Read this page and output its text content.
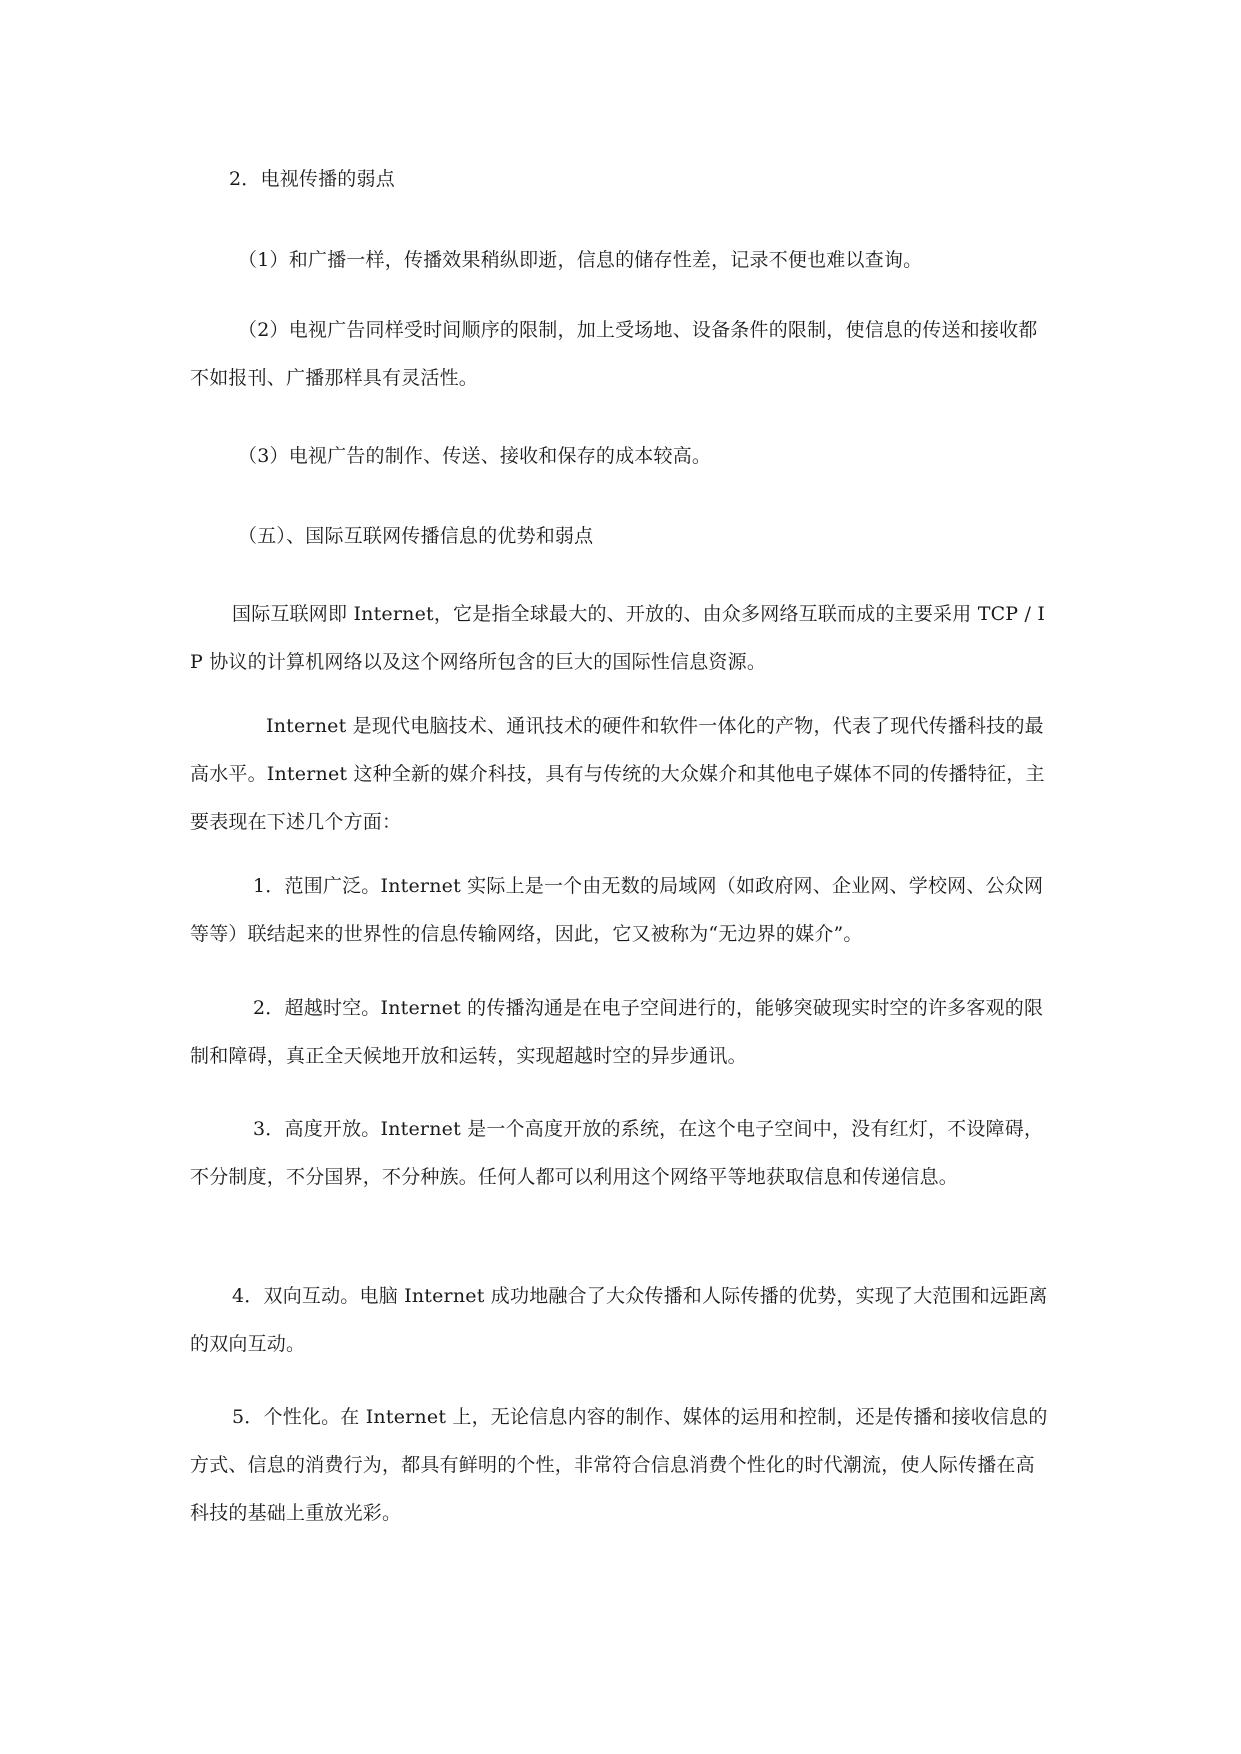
2．电视传播的弱点

（1）和广播一样，传播效果稍纵即逝，信息的储存性差，记录不便也难以查询。

（2）电视广告同样受时间顺序的限制，加上受场地、设备条件的限制，使信息的传送和接收都不如报刊、广播那样具有灵活性。

（3）电视广告的制作、传送、接收和保存的成本较高。

（五）、国际互联网传播信息的优势和弱点

国际互联网即 Internet，它是指全球最大的、开放的、由众多网络互联而成的主要采用 TCP / IP 协议的计算机网络以及这个网络所包含的巨大的国际性信息资源。

Internet 是现代电脑技术、通讯技术的硬件和软件一体化的产物，代表了现代传播科技的最高水平。Internet 这种全新的媒介科技，具有与传统的大众媒介和其他电子媒体不同的传播特征，主要表现在下述几个方面：

1．范围广泛。Internet 实际上是一个由无数的局域网（如政府网、企业网、学校网、公众网等等）联结起来的世界性的信息传输网络，因此，它又被称为“无边界的媒介”。

2．超越时空。Internet 的传播沟通是在电子空间进行的，能够突破现实时空的许多客观的限制和障碍，真正全天候地开放和运转，实现超越时空的异步通讯。

3．高度开放。Internet 是一个高度开放的系统，在这个电子空间中，没有红灯，不设障碍，不分制度，不分国界，不分种族。任何人都可以利用这个网络平等地获取信息和传递信息。

4．双向互动。电脑 Internet 成功地融合了大众传播和人际传播的优势，实现了大范围和远距离的双向互动。

5．个性化。在 Internet 上，无论信息内容的制作、媒体的运用和控制，还是传播和接收信息的方式、信息的消费行为，都具有鲜明的个性，非常符合信息消费个性化的时代潮流，使人际传播在高科技的基础上重放光彩。
